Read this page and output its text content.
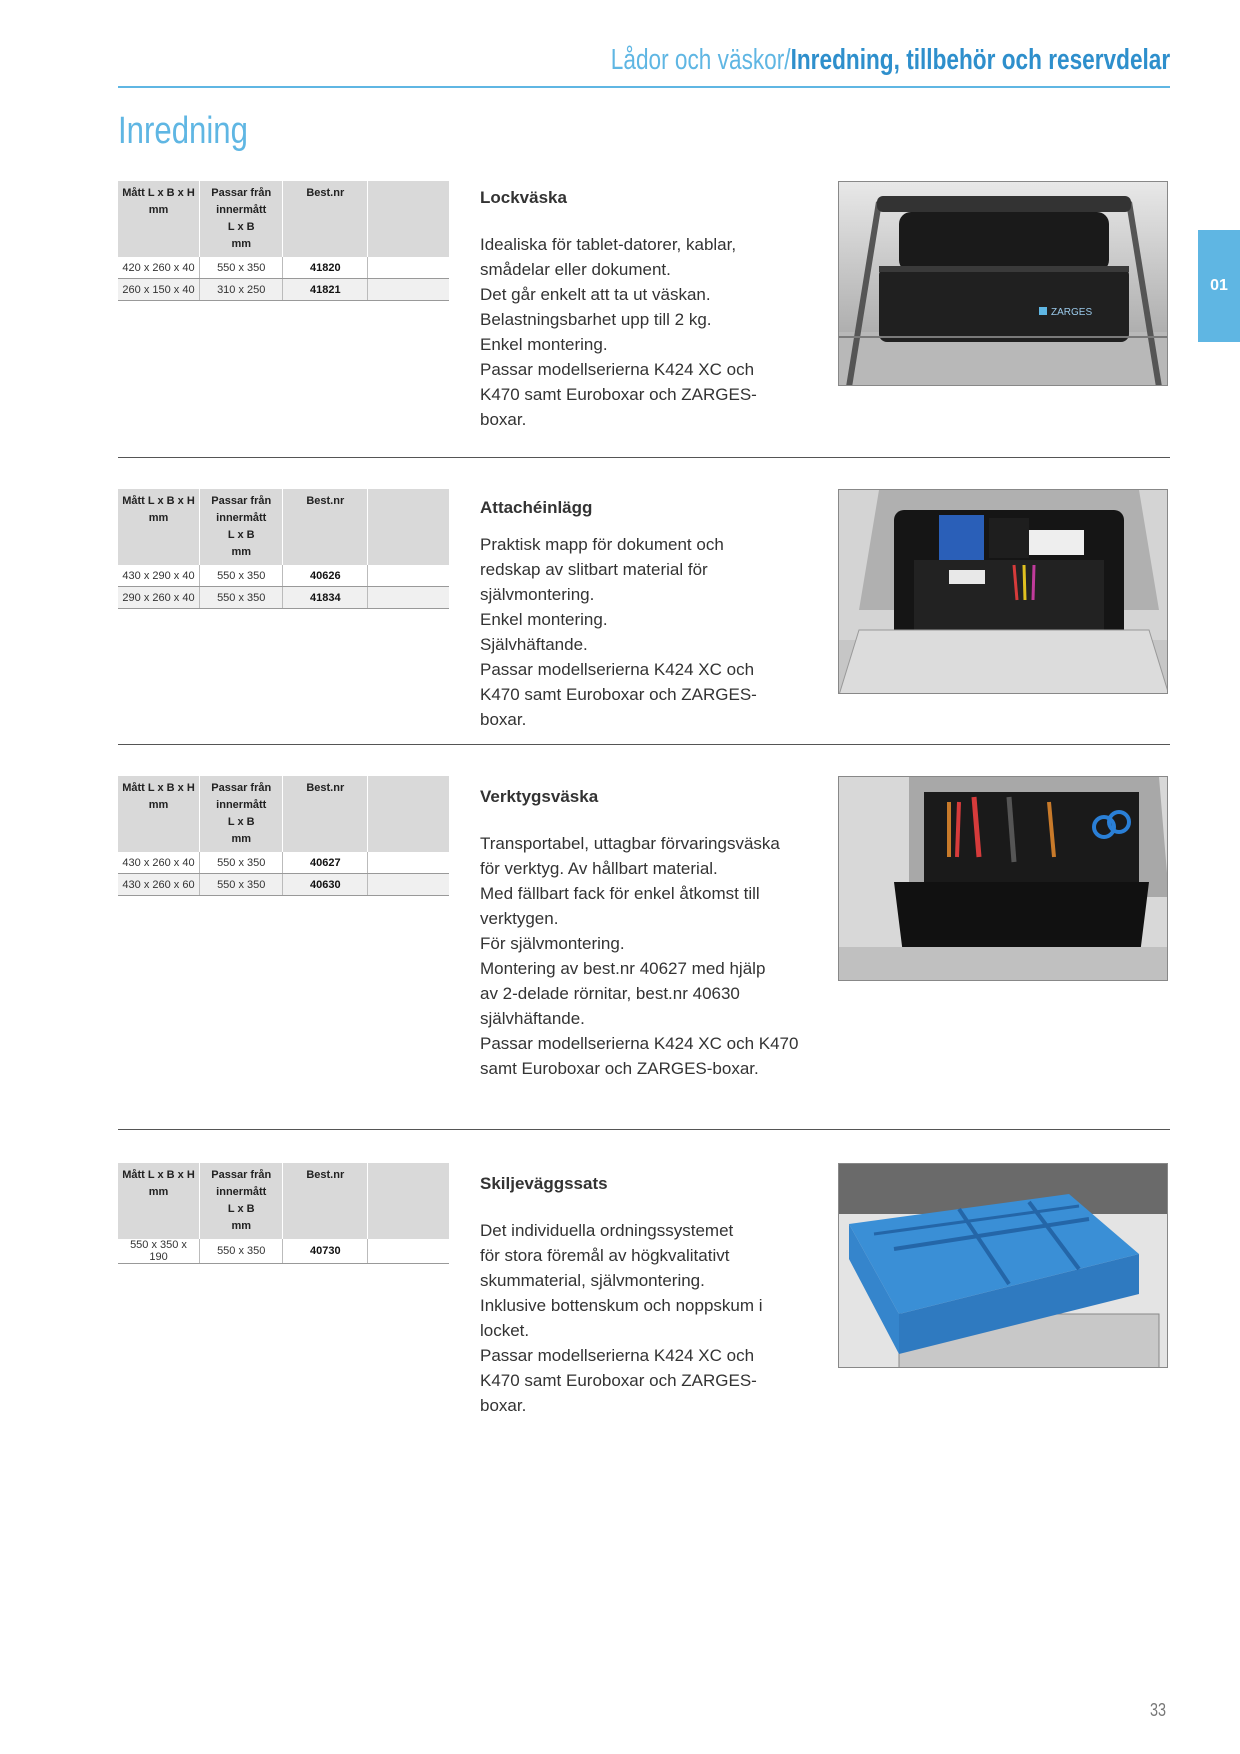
Lådor och väskor/Inredning, tillbehör och reservdelar
Inredning
01
Mått L x B x H
mm	Passar från
innermått
L x B
mm	Best.nr	
420 x 260 x 40	550 x 350	41820	
260 x 150 x 40	310 x 250	41821	

Lockväska

Idealiska för tablet-datorer, kablar,
smådelar eller dokument.
Det går enkelt att ta ut väskan.
Belastningsbarhet upp till 2 kg.
Enkel montering.
Passar modellserierna K424 XC och
K470 samt Euroboxar och ZARGES-
boxar.

ZARGES
Mått L x B x H
mm	Passar från
innermått
L x B
mm	Best.nr	
430 x 290 x 40	550 x 350	40626	
290 x 260 x 40	550 x 350	41834	

Attachéinlägg

Praktisk mapp för dokument och
redskap av slitbart material för
självmontering.
Enkel montering.
Självhäftande.
Passar modellserierna K424 XC och
K470 samt Euroboxar och ZARGES-
boxar.

Mått L x B x H
mm	Passar från
innermått
L x B
mm	Best.nr	
430 x 260 x 40	550 x 350	40627	
430 x 260 x 60	550 x 350	40630	

Verktygsväska

Transportabel, uttagbar förvaringsväska
för verktyg. Av hållbart material.
Med fällbart fack för enkel åtkomst till
verktygen.
För självmontering.
Montering av best.nr 40627 med hjälp
av 2-delade rörnitar, best.nr 40630
självhäftande.
Passar modellserierna K424 XC och K470
samt Euroboxar och ZARGES-boxar.

Mått L x B x H
mm	Passar från
innermått
L x B
mm	Best.nr	
550 x 350 x 190	550 x 350	40730	

Skiljeväggssats

Det individuella ordningssystemet
för stora föremål av högkvalitativt
skummaterial, självmontering.
Inklusive bottenskum och noppskum i
locket.
Passar modellserierna K424 XC och
K470 samt Euroboxar och ZARGES-
boxar.

33
